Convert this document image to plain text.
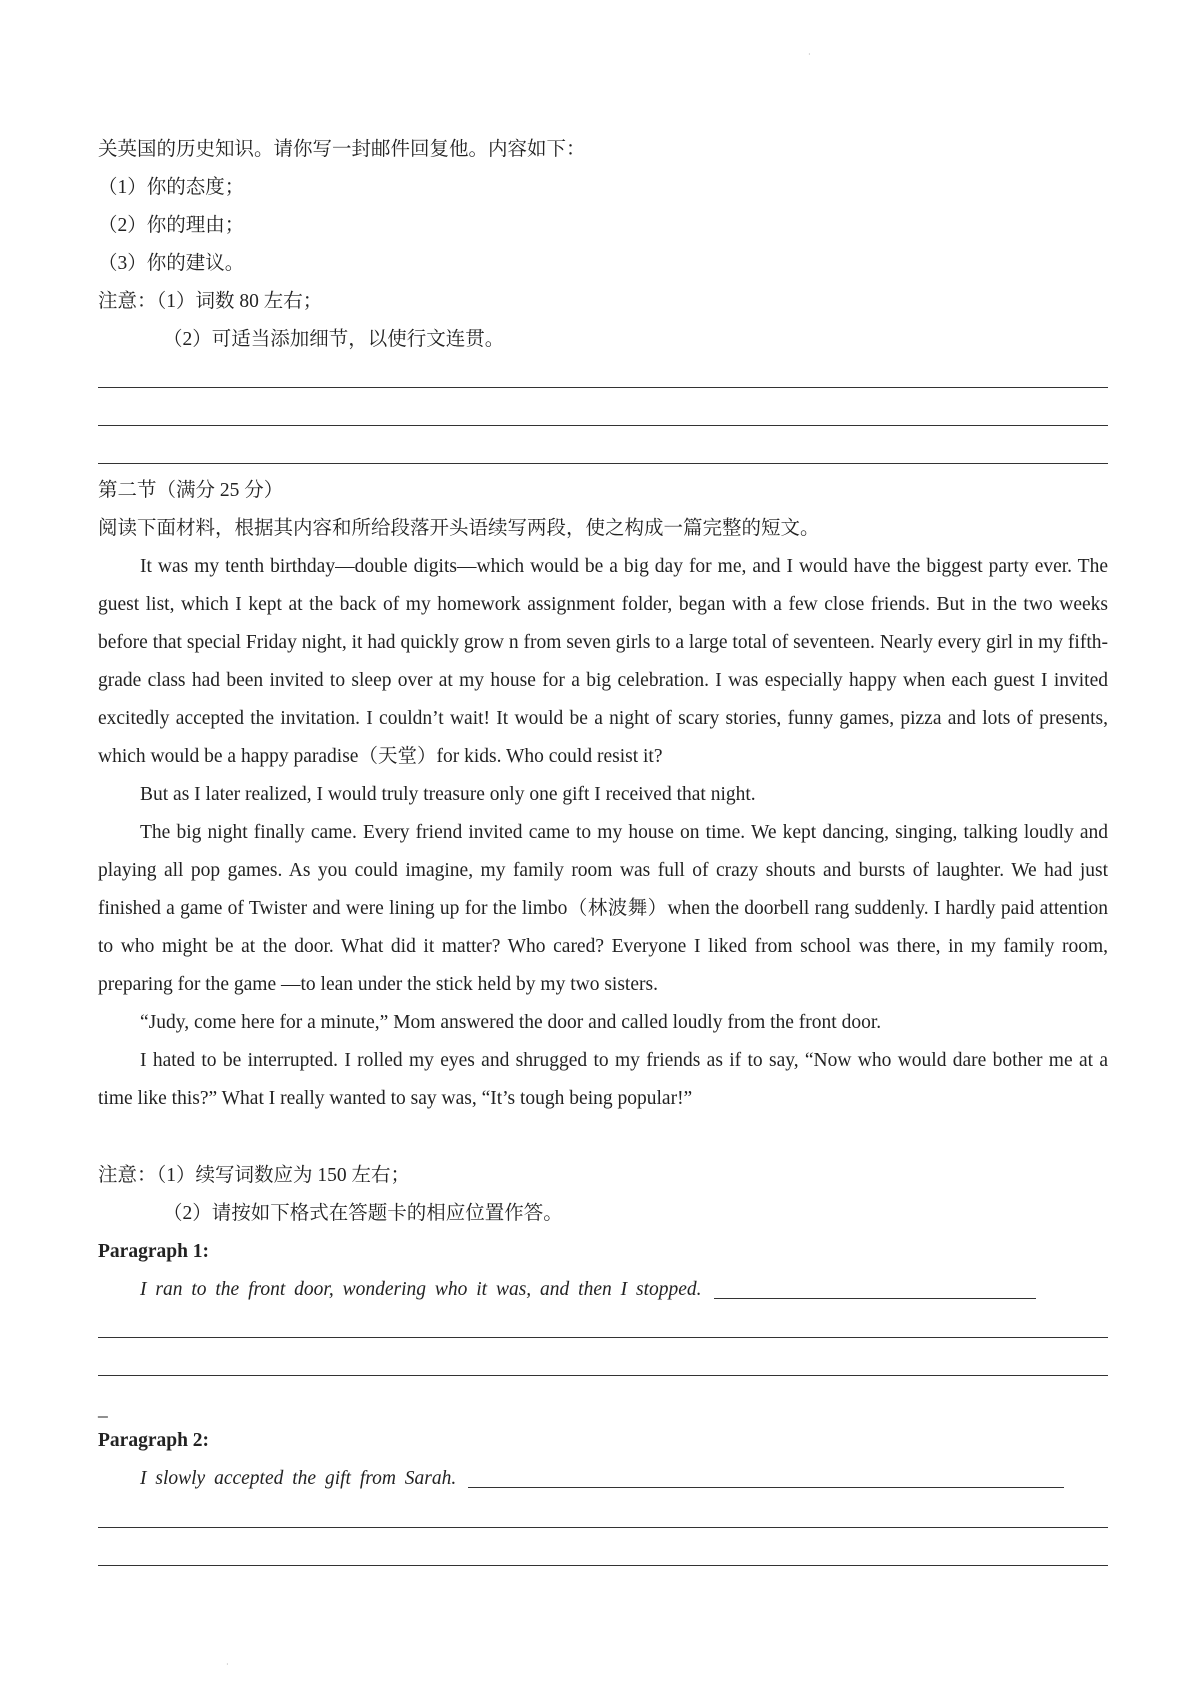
关英国的历史知识。请你写一封邮件回复他。内容如下：
（1）你的态度；
（2）你的理由；
（3）你的建议。
注意：（1）词数 80 左右；
（2）可适当添加细节，以使行文连贯。
第二节（满分 25 分）
阅读下面材料，根据其内容和所给段落开头语续写两段，使之构成一篇完整的短文。

It was my tenth birthday—double digits—which would be a big day for me, and I would have the biggest party ever. The guest list, which I kept at the back of my homework assignment folder, began with a few close friends. But in the two weeks before that special Friday night, it had quickly grow n from seven girls to a large total of seventeen. Nearly every girl in my fifth-grade class had been invited to sleep over at my house for a big celebration. I was especially happy when each guest I invited excitedly accepted the invitation. I couldn’t wait! It would be a night of scary stories, funny games, pizza and lots of presents, which would be a happy paradise（天堂）for kids. Who could resist it?

But as I later realized, I would truly treasure only one gift I received that night.

The big night finally came. Every friend invited came to my house on time. We kept dancing, singing, talking loudly and playing all pop games. As you could imagine, my family room was full of crazy shouts and bursts of laughter. We had just finished a game of Twister and were lining up for the limbo（林波舞）when the doorbell rang suddenly. I hardly paid attention to who might be at the door. What did it matter? Who cared? Everyone I liked from school was there, in my family room, preparing for the game —to lean under the stick held by my two sisters.

“Judy, come here for a minute,” Mom answered the door and called loudly from the front door.

I hated to be interrupted. I rolled my eyes and shrugged to my friends as if to say, “Now who would dare bother me at a time like this?” What I really wanted to say was, “It’s tough being popular!”

注意：（1）续写词数应为 150 左右；
（2）请按如下格式在答题卡的相应位置作答。
Paragraph 1:
I ran to the front door, wondering who it was, and then I stopped.
_
Paragraph 2:
I slowly accepted the gift from Sarah.
·
·
